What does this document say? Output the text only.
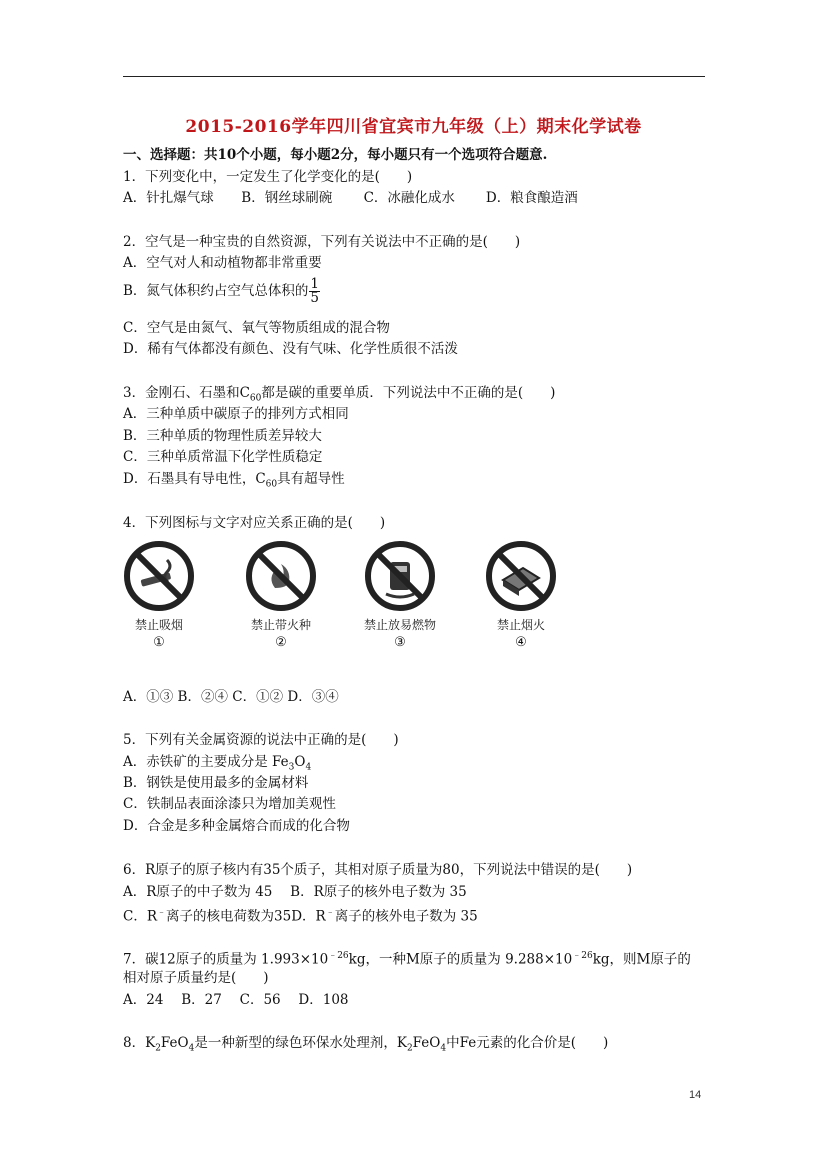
2015-2016学年四川省宜宾市九年级（上）期末化学试卷
一、选择题：共10个小题，每小题2分，每小题只有一个选项符合题意.
1．下列变化中，一定发生了化学变化的是(　　)
A．针扎爆气球 B．钢丝球刷碗 C．冰融化成水 D．粮食酿造酒
2．空气是一种宝贵的自然资源，下列有关说法中不正确的是(　　)
A．空气对人和动植物都非常重要
B．氮气体积约占空气总体积的 $\frac{1}{5}$
C．空气是由氮气、氧气等物质组成的混合物
D．稀有气体都没有颜色、没有气味、化学性质很不活泼
3．金刚石、石墨和$C_{60}$都是碳的重要单质．下列说法中不正确的是(　　)
A．三种单质中碳原子的排列方式相同
B．三种单质的物理性质差异较大
C．三种单质常温下化学性质稳定
D．石墨具有导电性，$C_{60}$具有超导性
4．下列图标与文字对应关系正确的是(　　)
禁止吸烟
①
禁止带火种
②
禁止放易燃物
③
禁止烟火
④
A．①③ B．②④ C．①② D．③④
5．下列有关金属资源的说法中正确的是(　　)
A．赤铁矿的主要成分是 $Fe_3O_4$
B．钢铁是使用最多的金属材料
C．铁制品表面涂漆只为增加美观性
D．合金是多种金属熔合而成的化合物
6．R原子的原子核内有35个质子，其相对原子质量为80，下列说法中错误的是(　　)
A．R原子的中子数为 45　 B．R原子的核外电子数为 35
C．R﹣离子的核电荷数为35D．R﹣离子的核外电子数为 35
7．碳12原子的质量为 $1.993\times 10^{﹣26}kg$，一种M原子的质量为 $9.288\times 10^{﹣26}kg$，则M原子的
相对原子质量约是(　　)
A．24　 B．27　 C．56　 D．108
8．$K_2FeO_4$是一种新型的绿色环保水处理剂，$K_2FeO_4$中Fe元素的化合价是(　　)
14
